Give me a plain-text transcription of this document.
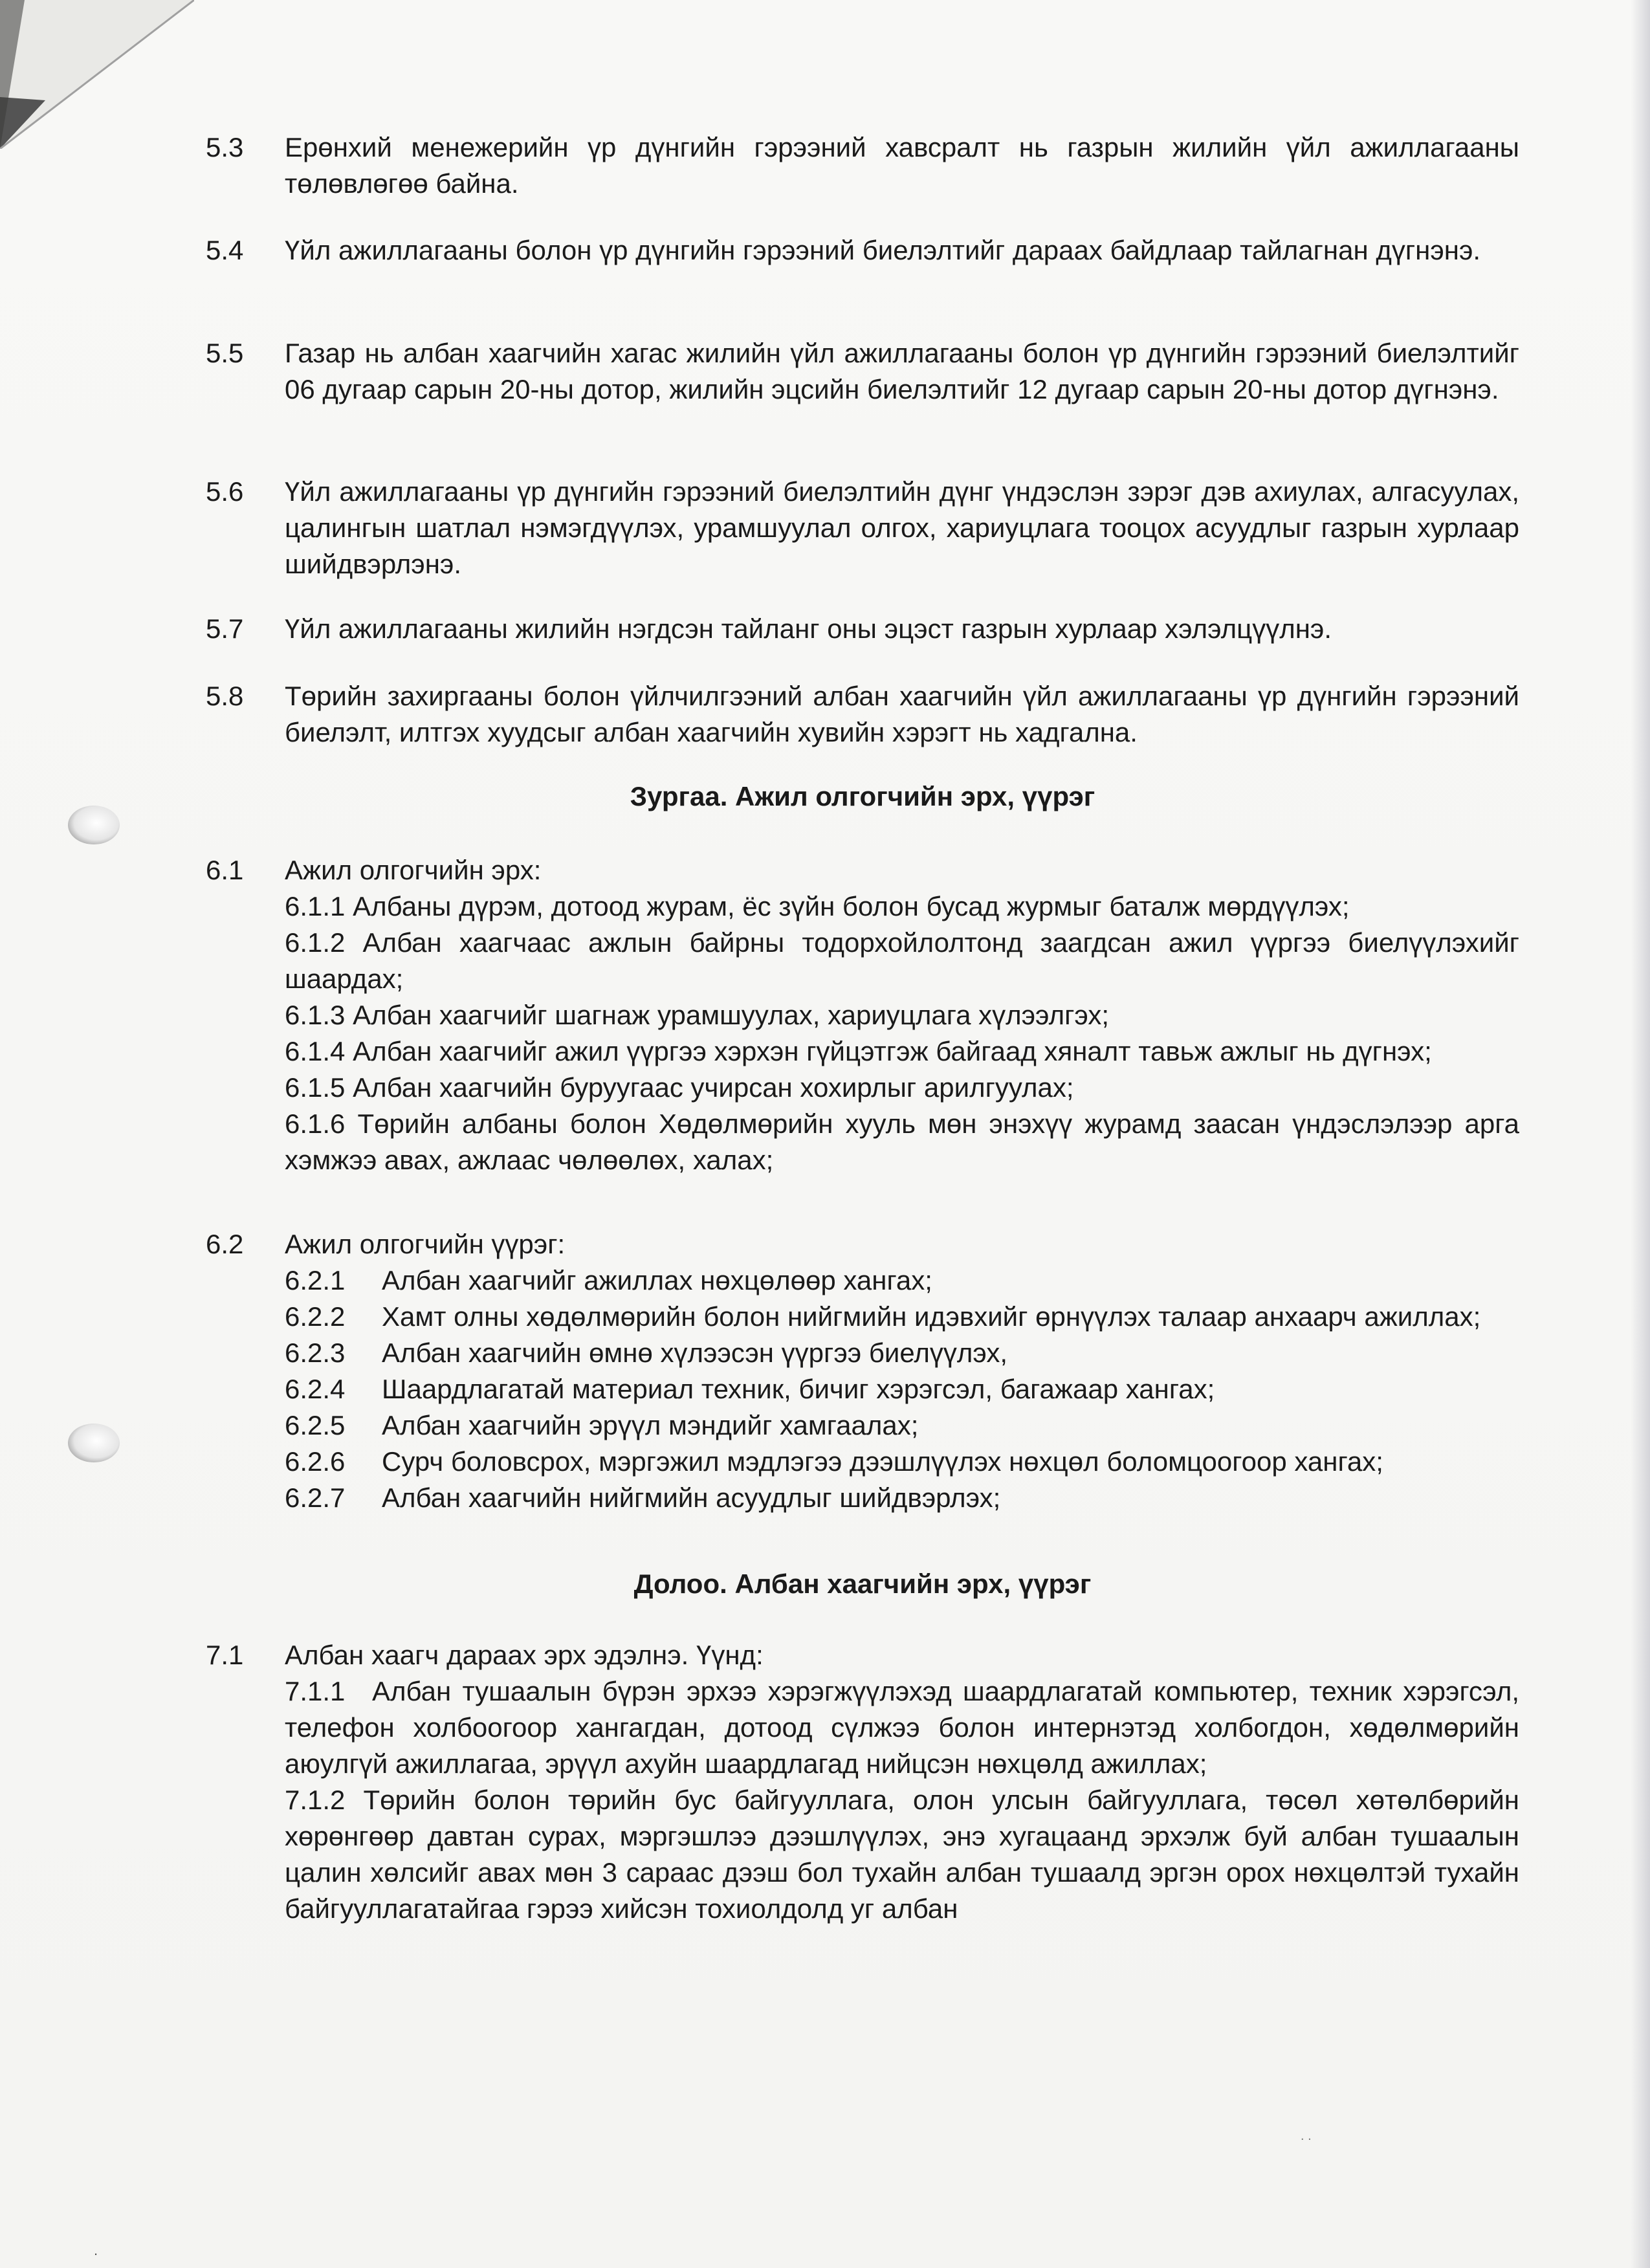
5.3	Ерөнхий менежерийн үр дүнгийн гэрээний хавсралт нь газрын жилийн үйл ажиллагааны төлөвлөгөө байна.
5.4	Үйл ажиллагааны болон үр дүнгийн гэрээний биелэлтийг дараах байдлаар тайлагнан дүгнэнэ.
5.5	Газар нь албан хаагчийн хагас жилийн үйл ажиллагааны болон үр дүнгийн гэрээний биелэлтийг 06 дугаар сарын 20-ны дотор, жилийн эцсийн биелэлтийг 12 дугаар сарын 20-ны дотор дүгнэнэ.
5.6	Үйл ажиллагааны үр дүнгийн гэрээний биелэлтийн дүнг үндэслэн зэрэг дэв ахиулах, алгасуулах, цалингын шатлал нэмэгдүүлэх, урамшуулал олгох, хариуцлага тооцох асуудлыг газрын хурлаар шийдвэрлэнэ.
5.7	Үйл ажиллагааны жилийн нэгдсэн тайланг оны эцэст газрын хурлаар хэлэлцүүлнэ.
5.8	Төрийн захиргааны болон үйлчилгээний албан хаагчийн үйл ажиллагааны үр дүнгийн гэрээний биелэлт, илтгэх хуудсыг албан хаагчийн хувийн хэрэгт нь хадгална.
Зургаа. Ажил олгогчийн эрх, үүрэг
6.1	Ажил олгогчийн эрх:
6.1.1 Албаны дүрэм, дотоод журам, ёс зүйн болон бусад журмыг баталж мөрдүүлэх;
6.1.2 Албан хаагчаас ажлын байрны тодорхойлолтонд заагдсан ажил үүргээ биелүүлэхийг шаардах;
6.1.3 Албан хаагчийг шагнаж урамшуулах, хариуцлага хүлээлгэх;
6.1.4 Албан хаагчийг ажил үүргээ хэрхэн гүйцэтгэж байгаад хяналт тавьж ажлыг нь дүгнэх;
6.1.5 Албан хаагчийн буруугаас учирсан хохирлыг арилгуулах;
6.1.6 Төрийн албаны болон Хөдөлмөрийн хууль мөн энэхүү журамд заасан үндэслэлээр арга хэмжээ авах, ажлаас чөлөөлөх, халах;
6.2	Ажил олгогчийн үүрэг:
6.2.1 Албан хаагчийг ажиллах нөхцөлөөр хангах;
6.2.2 Хамт олны хөдөлмөрийн болон нийгмийн идэвхийг өрнүүлэх талаар анхаарч ажиллах;
6.2.3 Албан хаагчийн өмнө хүлээсэн үүргээ биелүүлэх,
6.2.4 Шаардлагатай материал техник, бичиг хэрэгсэл, багажаар хангах;
6.2.5 Албан хаагчийн эрүүл мэндийг хамгаалах;
6.2.6 Сурч боловсрох, мэргэжил мэдлэгээ дээшлүүлэх нөхцөл боломцоогоор хангах;
6.2.7 Албан хаагчийн нийгмийн асуудлыг шийдвэрлэх;
Долоо. Албан хаагчийн эрх, үүрэг
7.1	Албан хаагч дараах эрх эдэлнэ. Үүнд:
7.1.1 Албан тушаалын бүрэн эрхээ хэрэгжүүлэхэд шаардлагатай компьютер, техник хэрэгсэл, телефон холбоогоор хангагдан, дотоод сүлжээ болон интернэтэд холбогдон, хөдөлмөрийн аюулгүй ажиллагаа, эрүүл ахуйн шаардлагад нийцсэн нөхцөлд ажиллах;
7.1.2 Төрийн болон төрийн бус байгууллага, олон улсын байгууллага, төсөл хөтөлбөрийн хөрөнгөөр давтан сурах, мэргэшлээ дээшлүүлэх, энэ хугацаанд эрхэлж буй албан тушаалын цалин хөлсийг авах мөн 3 сараас дээш бол тухайн албан тушаалд эргэн орох нөхцөлтэй тухайн байгууллагатайгаа гэрээ хийсэн тохиолдолд уг албан
. .
.
